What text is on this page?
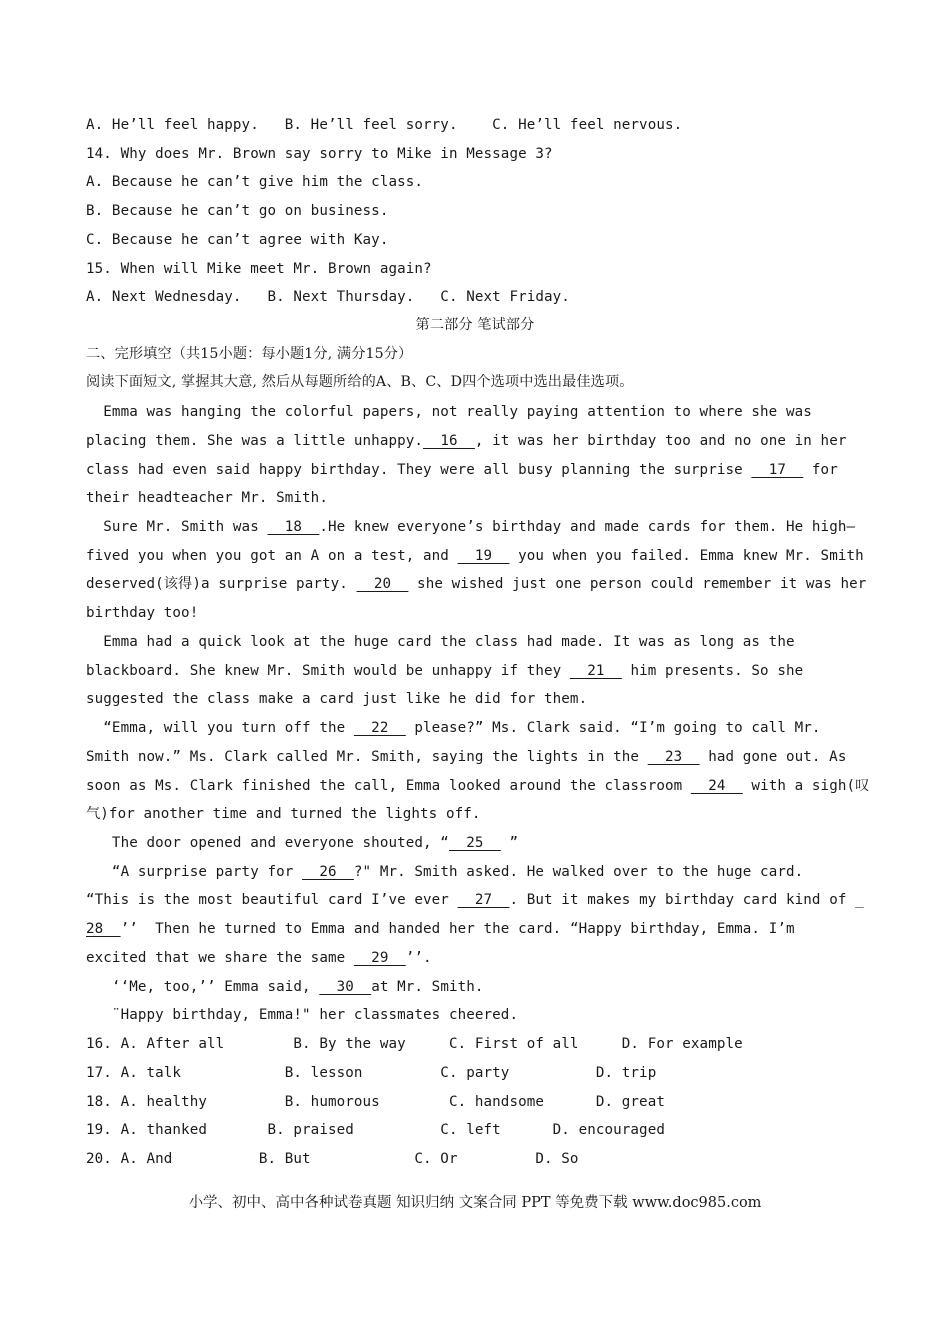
A. He’ll feel happy.   B. He’ll feel sorry.    C. He’ll feel nervous.
14. Why does Mr. Brown say sorry to Mike in Message 3?
A. Because he can’t give him the class.
B. Because he can’t go on business.
C. Because he can’t agree with Kay.
15. When will Mike meet Mr. Brown again?
A. Next Wednesday.   B. Next Thursday.   C. Next Friday.
第二部分 笔试部分
二、完形填空（共15小题：每小题1分, 满分15分）
阅读下面短文, 掌握其大意, 然后从每题所给的A、B、C、D四个选项中选出最佳选项。
Emma was hanging the colorful papers, not really paying attention to where she was
placing them. She was a little unhappy.  16  , it was her birthday too and no one in her
class had even said happy birthday. They were all busy planning the surprise   17   for
their headteacher Mr. Smith.
Sure Mr. Smith was   18  .He knew everyone’s birthday and made cards for them. He high—
fived you when you got an A on a test, and   19   you when you failed. Emma knew Mr. Smith
deserved(该得)a surprise party.   20   she wished just one person could remember it was her
birthday too!
Emma had a quick look at the huge card the class had made. It was as long as the
blackboard. She knew Mr. Smith would be unhappy if they   21   him presents. So she
suggested the class make a card just like he did for them.
“Emma, will you turn off the   22   please?” Ms. Clark said. “I’m going to call Mr.
Smith now.” Ms. Clark called Mr. Smith, saying the lights in the   23   had gone out. As
soon as Ms. Clark finished the call, Emma looked around the classroom   24   with a sigh(叹
气)for another time and turned the lights off.
The door opened and everyone shouted, “  25   ”
“A surprise party for   26  ?" Mr. Smith asked. He walked over to the huge card.
“This is the most beautiful card I’ve ever   27  . But it makes my birthday card kind of _
28  ’’  Then he turned to Emma and handed her the card. “Happy birthday, Emma. I’m
excited that we share the same   29  ’’.
‘‘Me, too,’’ Emma said,   30  at Mr. Smith.
¨Happy birthday, Emma!" her classmates cheered.
16. A. After all        B. By the way     C. First of all     D. For example
17. A. talk            B. lesson         C. party          D. trip
18. A. healthy         B. humorous        C. handsome      D. great
19. A. thanked       B. praised          C. left      D. encouraged
20. A. And          B. But            C. Or         D. So
小学、初中、高中各种试卷真题 知识归纳 文案合同 PPT 等免费下载 www.doc985.com
